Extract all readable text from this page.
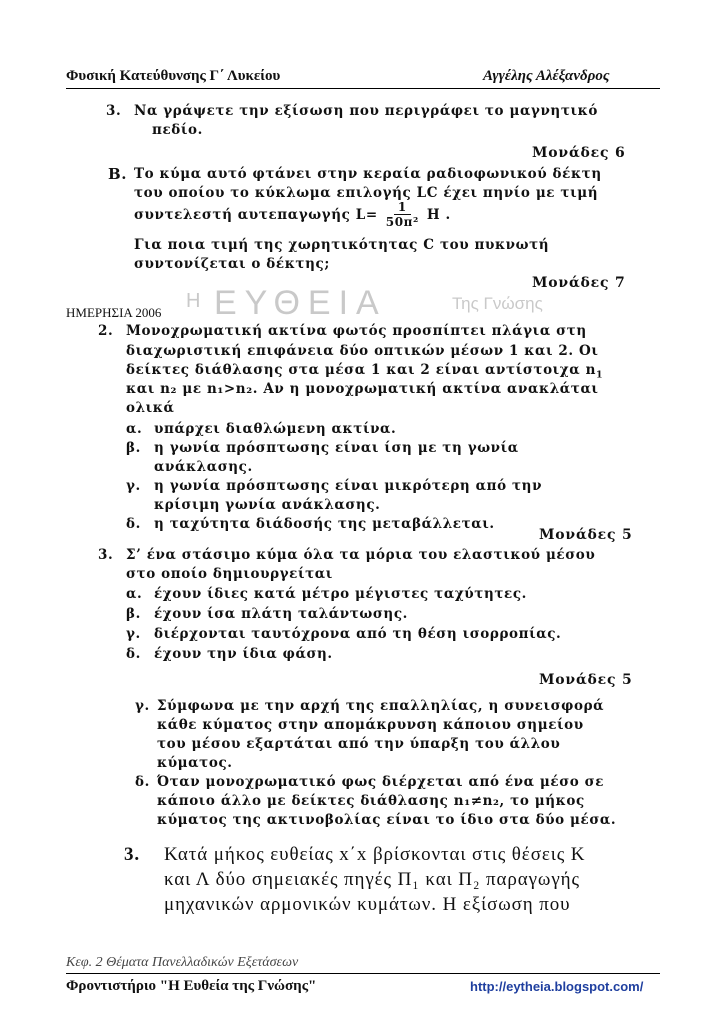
Φυσική Κατεύθυνσης Γ΄ Λυκείου	Αγγέλης Αλέξανδρος
3. Να γράψετε την εξίσωση που περιγράφει το μαγνητικό
πεδίο.
Μονάδες 6
Β. Το κύμα αυτό φτάνει στην κεραία ραδιοφωνικού δέκτη
του οποίου το κύκλωμα επιλογής LC έχει πηνίο με τιμή
συντελεστή αυτεπαγωγής $L= \frac{1}{\text{50π²}}$ H .
Για ποια τιμή της χωρητικότητας C του πυκνωτή
συντονίζεται ο δέκτης;
Μονάδες 7
Η ΕΥΘΕΙΑ	Της Γνώσης
ΗΜΕΡΗΣΙΑ 2006
2. Μονοχρωματική ακτίνα φωτός προσπίπτει πλάγια στη
διαχωριστική επιφάνεια δύο οπτικών μέσων 1 και 2. Οι
δείκτες διάθλασης στα μέσα 1 και 2 είναι αντίστοιχα $n_1$
και n₂ με n₁>n₂. Αν η μονοχρωματική ακτίνα ανακλάται
ολικά
α. υπάρχει διαθλώμενη ακτίνα.
β. η γωνία πρόσπτωσης είναι ίση με τη γωνία
ανάκλασης.
γ. η γωνία πρόσπτωσης είναι μικρότερη από την
κρίσιμη γωνία ανάκλασης.
δ. η ταχύτητα διάδοσής της μεταβάλλεται.
Μονάδες 5
3. Σ’ ένα στάσιμο κύμα όλα τα μόρια του ελαστικού μέσου
στο οποίο δημιουργείται
α. έχουν ίδιες κατά μέτρο μέγιστες ταχύτητες.
β. έχουν ίσα πλάτη ταλάντωσης.
γ. διέρχονται ταυτόχρονα από τη θέση ισορροπίας.
δ. έχουν την ίδια φάση.
Μονάδες 5
γ. Σύμφωνα με την αρχή της επαλληλίας, η συνεισφορά
κάθε κύματος στην απομάκρυνση κάποιου σημείου
του μέσου εξαρτάται από την ύπαρξη του άλλου
κύματος.
δ. Όταν μονοχρωματικό φως διέρχεται από ένα μέσο σε
κάποιο άλλο με δείκτες διάθλασης n₁≠n₂, το μήκος
κύματος της ακτινοβολίας είναι το ίδιο στα δύο μέσα.
3. Κατά μήκος ευθείας x΄x βρίσκονται στις θέσεις Κ
και Λ δύο σημειακές πηγές Π₁ και Π₂ παραγωγής
μηχανικών αρμονικών κυμάτων. Η εξίσωση που
Κεφ. 2 Θέματα Πανελλαδικών Εξετάσεων
Φροντιστήριο "Η Ευθεία της Γνώσης"	http://eytheia.blogspot.com/
